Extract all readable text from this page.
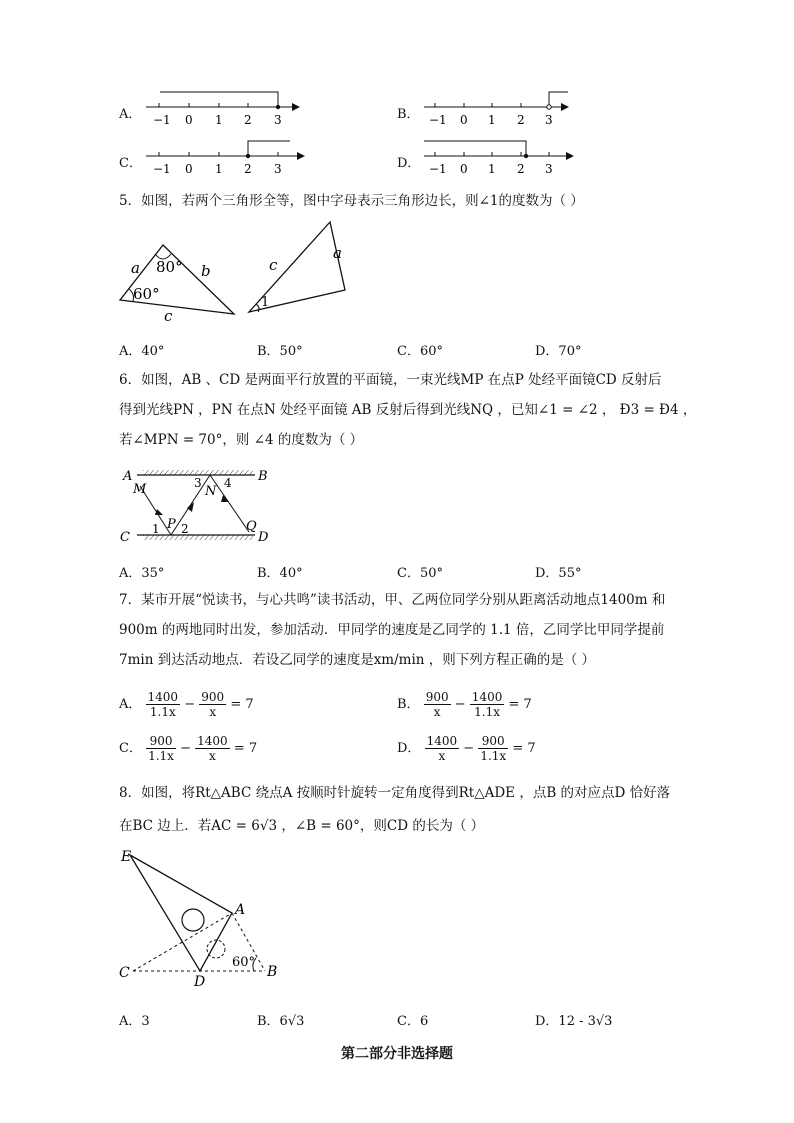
A． −1 0 1 2 3	B． −1 0 1 2 3
C． −1 0 1 2 3	D． −1 0 1 2 3
5．如图，若两个三角形全等，图中字母表示三角形边长，则∠1的度数为（ ）
a 80° b
60°
c
c
a
1
A．40°	B．50°	C．60°	D．70°
6．如图，AB 、CD 是两面平行放置的平面镜，一束光线MP 在点P 处经平面镜CD 反射后
得到光线PN ，PN 在点N 处经平面镜 AB 反射后得到光线NQ ，已知∠1 = ∠2 ， Ð3 = Ð4 ，
若∠MPN = 70°，则 ∠4 的度数为（ ）
A	B
C	D
M	N
P	Q
1 2
3 4
A．35°	B．40°	C．50°	D．55°
7．某市开展“悦读书，与心共鸣”读书活动，甲、乙两位同学分别从距离活动地点1400m 和
900m 的两地同时出发，参加活动．甲同学的速度是乙同学的 1.1 倍，乙同学比甲同学提前
7min 到达活动地点．若设乙同学的速度是xm/min ，则下列方程正确的是（ ）
A． $\frac{1400}{1.1x} - \frac{900}{x} = 7$	B． $\frac{900}{x} - \frac{1400}{1.1x} = 7$
C． $\frac{900}{1.1x} - \frac{1400}{x} = 7$	D． $\frac{1400}{x} - \frac{900}{1.1x} = 7$
8．如图，将Rt△ABC 绕点A 按顺时针旋转一定角度得到Rt△ADE ，点B 的对应点D 恰好落
在BC 边上．若AC = 6√3 ，∠B = 60°，则CD 的长为（ ）
E
A
C
D
B
60°
A．3	B．6√3	C．6	D．12 - 3√3
第二部分非选择题
